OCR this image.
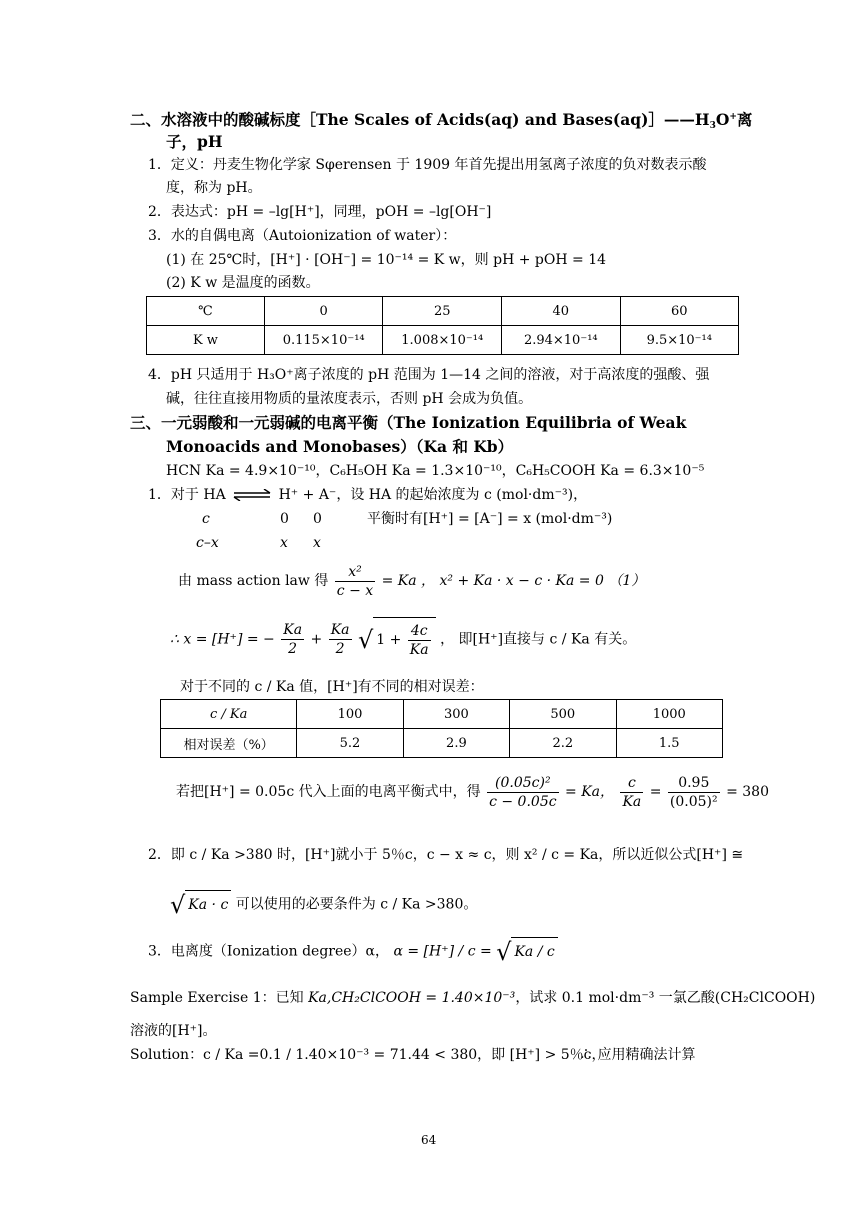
二、水溶液中的酸碱标度［The Scales of Acids(aq) and $Bases(aq)]——H_3O^+$离
子，pH
1．定义：丹麦生物化学家 Sφerensen 于 1909 年首先提出用氢离子浓度的负对数表示酸
度，称为 pH。
2．表达式：pH = –lg[H⁺]，同理，pOH = –lg[OH⁻]
3．水的自偶电离（Autoionization of water）：
(1) 在 25℃时，[H⁺] · [OH⁻] = 10⁻¹⁴ = K w，则 pH + pOH = 14
(2) K w 是温度的函数。
℃	0	25	40	60
K w	0.115×10⁻¹⁴	1.008×10⁻¹⁴	2.94×10⁻¹⁴	9.5×10⁻¹⁴
4．pH 只适用于 H₃O⁺离子浓度的 pH 范围为 1—14 之间的溶液，对于高浓度的强酸、强
碱，往往直接用物质的量浓度表示，否则 pH 会成为负值。
三、一元弱酸和一元弱碱的电离平衡（The Ionization Equilibria of Weak
Monoacids and Monobases）（Ka 和 Kb）
HCN Ka = 4.9×10⁻¹⁰，C₆H₅OH Ka = 1.3×10⁻¹⁰，C₆H₅COOH Ka = 6.3×10⁻⁵
1．对于 HA ⇌ H⁺ + A⁻，设 HA 的起始浓度为 c (mol·dm⁻³)，
c	0 0	平衡时有[H⁺] = [A⁻] = x (mol·dm⁻³)
c–x	x x
由 mass action law 得 $\frac{\text{x²}}{c - x} = Ka$ ， x² + Ka · x − c · Ka = 0 （1）
∴ x = [H⁺] = − $\frac{Ka}{2} + \frac{Ka}{2}$ √ $1 + \frac{4c}{Ka}$ ， 即[H⁺]直接与 c / Ka 有关。
对于不同的 c / Ka 值，[H⁺]有不同的相对误差：
c / Ka	100	300	500	1000
相对误差（%）	5.2	2.9	2.2	1.5
若把[H⁺] = 0.05c 代入上面的电离平衡式中，得 $\frac{\text{(0.05c)²}}{c - 0.05c} = Ka$， $\frac{c}{Ka} = \frac{0.95}{\text{(0.05)²}} = 380$
2．即 c / Ka >380 时，[H⁺]就小于 5％c，c − x ≈ c，则 x² / c = Ka，所以近似公式[H⁺] ≅
√ Ka · c 可以使用的必要条件为 c / Ka >380。
3．电离度（Ionization degree）α， α = [H⁺] / c = √ Ka / c
Sample Exercise 1：已知 Ka,CH₂ClCOOH = 1.40×10⁻³，试求 0.1 mol·dm⁻³ 一氯乙酸(CH₂ClCOOH)
溶液的[H⁺]。
Solution：c / Ka =0.1 / 1.40×10⁻³ = 71.44 < 380，即 [H⁺] > 5％c，
∴ 应用精确法计算
64
